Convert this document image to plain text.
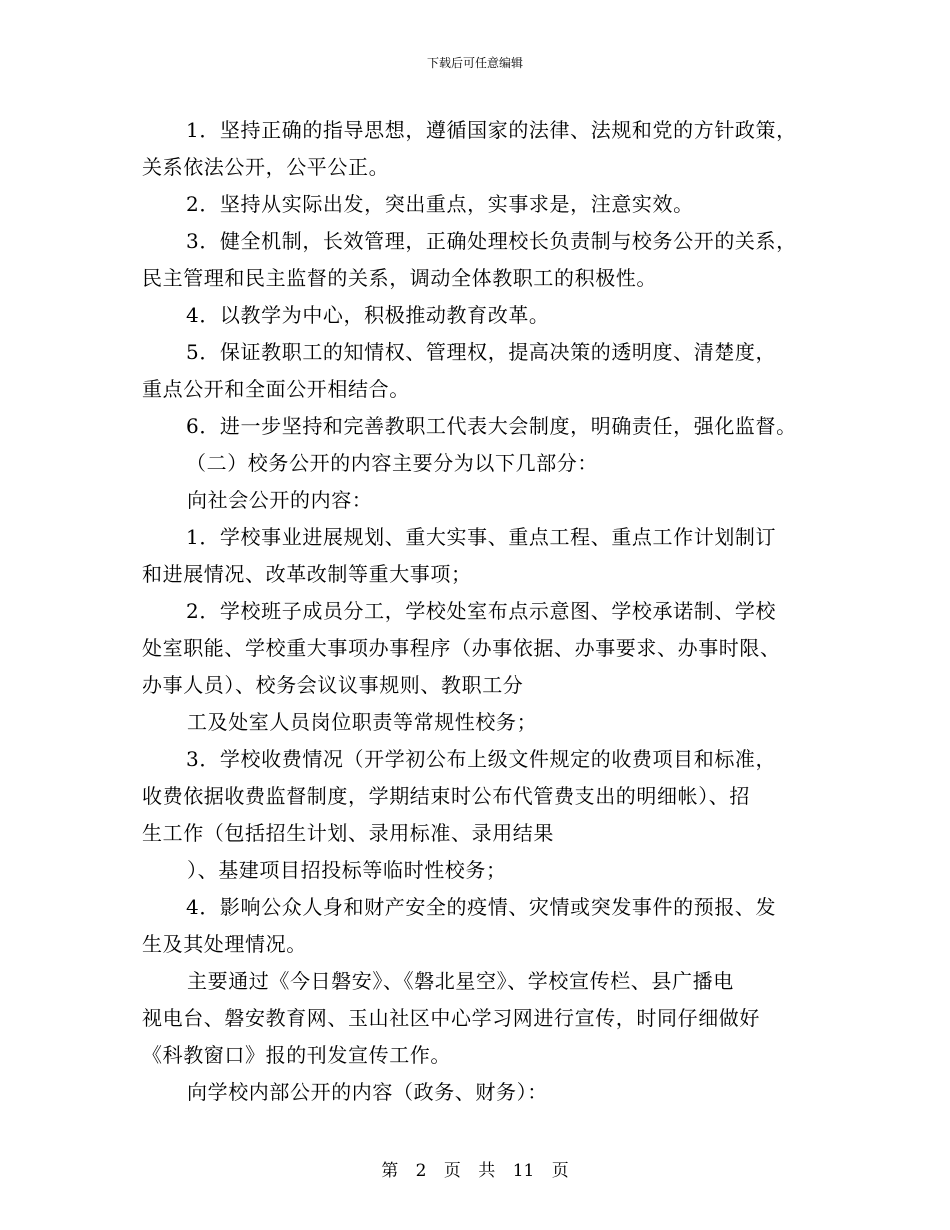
下载后可任意编辑
1．坚持正确的指导思想，遵循国家的法律、法规和党的方针政策，
关系依法公开，公平公正。
2．坚持从实际出发，突出重点，实事求是，注意实效。
3．健全机制，长效管理，正确处理校长负责制与校务公开的关系，
民主管理和民主监督的关系，调动全体教职工的积极性。
4．以教学为中心，积极推动教育改革。
5．保证教职工的知情权、管理权，提高决策的透明度、清楚度，
重点公开和全面公开相结合。
6．进一步坚持和完善教职工代表大会制度，明确责任，强化监督。
（二）校务公开的内容主要分为以下几部分：
向社会公开的内容：
1．学校事业进展规划、重大实事、重点工程、重点工作计划制订
和进展情况、改革改制等重大事项；
2．学校班子成员分工，学校处室布点示意图、学校承诺制、学校
处室职能、学校重大事项办事程序（办事依据、办事要求、办事时限、
办事人员）、校务会议议事规则、教职工分
工及处室人员岗位职责等常规性校务；
3．学校收费情况（开学初公布上级文件规定的收费项目和标准，
收费依据收费监督制度，学期结束时公布代管费支出的明细帐）、招
生工作（包括招生计划、录用标准、录用结果
）、基建项目招投标等临时性校务；
4．影响公众人身和财产安全的疫情、灾情或突发事件的预报、发
生及其处理情况。
主要通过《今日磐安》、《磐北星空》、学校宣传栏、县广播电
视电台、磐安教育网、玉山社区中心学习网进行宣传，时同仔细做好
《科教窗口》报的刊发宣传工作。
向学校内部公开的内容（政务、财务）：
第 2 页 共 11 页
